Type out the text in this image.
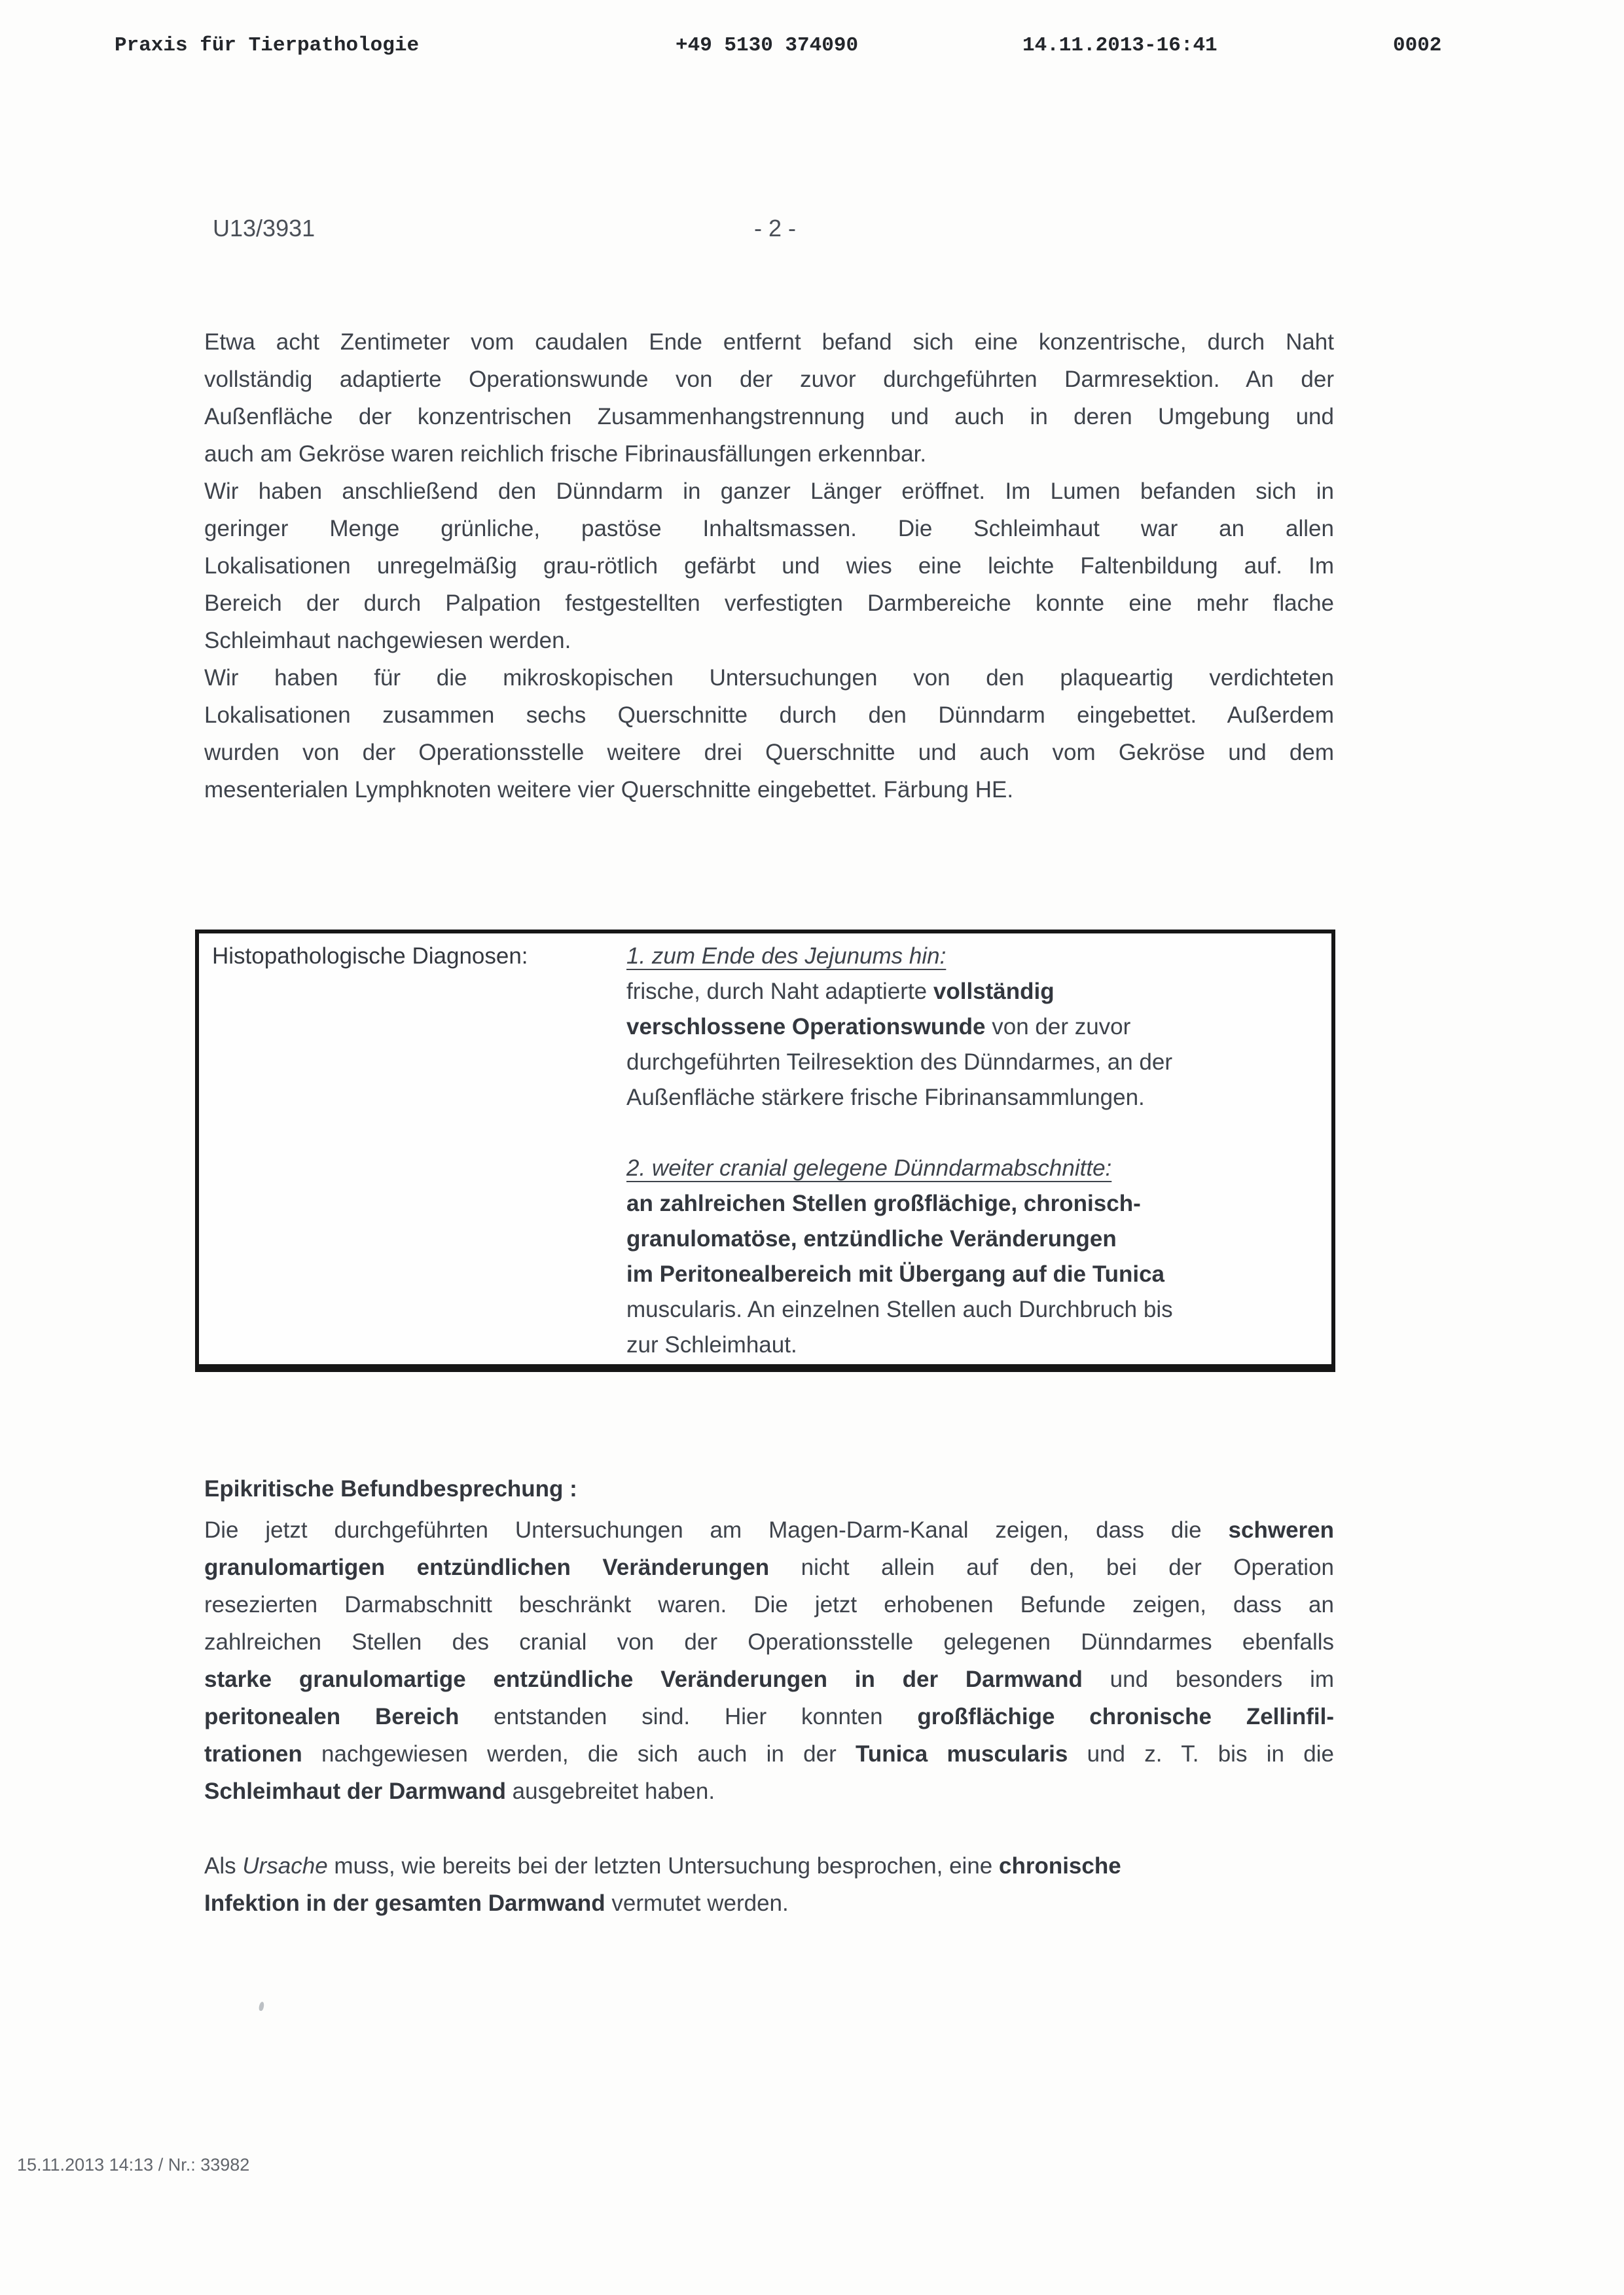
Praxis für Tierpathologie	+49 5130 374090	14.11.2013-16:41	0002
U13/3931	- 2 -
Etwa acht Zentimeter vom caudalen Ende entfernt befand sich eine konzentrische, durch Naht
vollständig adaptierte Operationswunde von der zuvor durchgeführten Darmresektion. An der
Außenfläche der konzentrischen Zusammenhangstrennung und auch in deren Umgebung und
auch am Gekröse waren reichlich frische Fibrinausfällungen erkennbar.
Wir haben anschließend den Dünndarm in ganzer Länger eröffnet. Im Lumen befanden sich in
geringer Menge grünliche, pastöse Inhaltsmassen. Die Schleimhaut war an allen
Lokalisationen unregelmäßig grau-rötlich gefärbt und wies eine leichte Faltenbildung auf. Im
Bereich der durch Palpation festgestellten verfestigten Darmbereiche konnte eine mehr flache
Schleimhaut nachgewiesen werden.
Wir haben für die mikroskopischen Untersuchungen von den plaqueartig verdichteten
Lokalisationen zusammen sechs Querschnitte durch den Dünndarm eingebettet. Außerdem
wurden von der Operationsstelle weitere drei Querschnitte und auch vom Gekröse und dem
mesenterialen Lymphknoten weitere vier Querschnitte eingebettet. Färbung HE.
Histopathologische Diagnosen:	1. zum Ende des Jejunums hin:
frische, durch Naht adaptierte vollständig
verschlossene Operationswunde von der zuvor
durchgeführten Teilresektion des Dünndarmes, an der
Außenfläche stärkere frische Fibrinansammlungen.
2. weiter cranial gelegene Dünndarmabschnitte:
an zahlreichen Stellen großflächige, chronisch-
granulomatöse, entzündliche Veränderungen
im Peritonealbereich mit Übergang auf die Tunica
muscularis. An einzelnen Stellen auch Durchbruch bis
zur Schleimhaut.
Epikritische Befundbesprechung :
Die jetzt durchgeführten Untersuchungen am Magen-Darm-Kanal zeigen, dass die schweren
granulomartigen entzündlichen Veränderungen nicht allein auf den, bei der Operation
resezierten Darmabschnitt beschränkt waren. Die jetzt erhobenen Befunde zeigen, dass an
zahlreichen Stellen des cranial von der Operationsstelle gelegenen Dünndarmes ebenfalls
starke granulomartige entzündliche Veränderungen in der Darmwand und besonders im
peritonealen Bereich entstanden sind. Hier konnten großflächige chronische Zellinfil-
trationen nachgewiesen werden, die sich auch in der Tunica muscularis und z. T. bis in die
Schleimhaut der Darmwand ausgebreitet haben.
Als Ursache muss, wie bereits bei der letzten Untersuchung besprochen, eine chronische
Infektion in der gesamten Darmwand vermutet werden.
15.11.2013 14:13 / Nr.: 33982
